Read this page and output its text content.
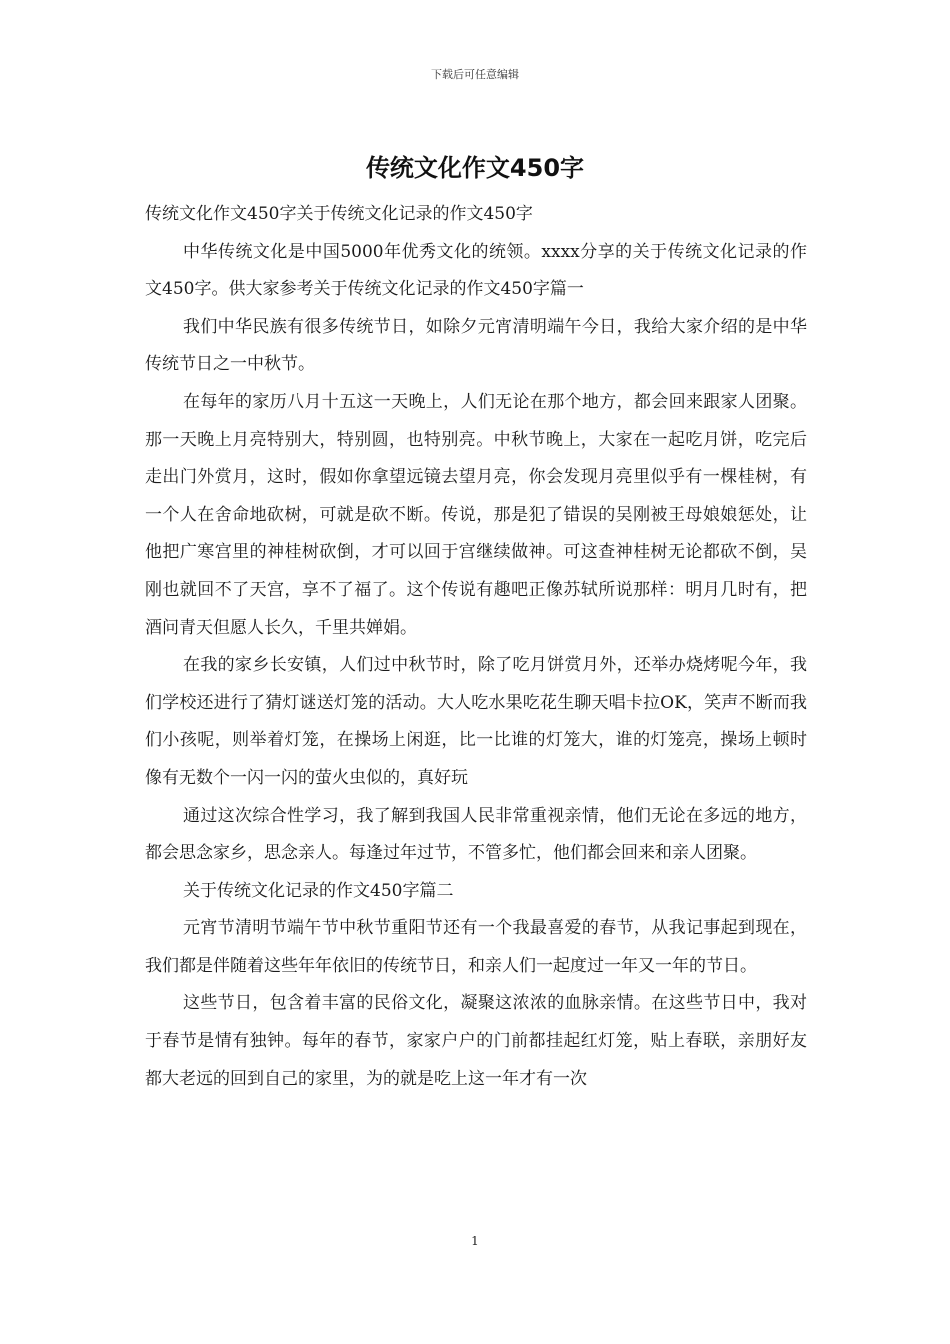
下载后可任意编辑
传统文化作文450字

传统文化作文450字关于传统文化记录的作文450字

中华传统文化是中国5000年优秀文化的统领。xxxx分享的关于传统文化记录的作文450字。供大家参考关于传统文化记录的作文450字篇一

我们中华民族有很多传统节日，如除夕元宵清明端午今日，我给大家介绍的是中华传统节日之一中秋节。

在每年的家历八月十五这一天晚上，人们无论在那个地方，都会回来跟家人团聚。那一天晚上月亮特别大，特别圆，也特别亮。中秋节晚上，大家在一起吃月饼，吃完后走出门外赏月，这时，假如你拿望远镜去望月亮，你会发现月亮里似乎有一棵桂树，有一个人在舍命地砍树，可就是砍不断。传说，那是犯了错误的吴刚被王母娘娘惩处，让他把广寒宫里的神桂树砍倒，才可以回于宫继续做神。可这查神桂树无论都砍不倒，吴刚也就回不了天宫，享不了福了。这个传说有趣吧正像苏轼所说那样：明月几时有，把酒问青天但愿人长久，千里共婵娟。

在我的家乡长安镇，人们过中秋节时，除了吃月饼赏月外，还举办烧烤呢今年，我们学校还进行了猜灯谜送灯笼的活动。大人吃水果吃花生聊天唱卡拉OK，笑声不断而我们小孩呢，则举着灯笼，在操场上闲逛，比一比谁的灯笼大，谁的灯笼亮，操场上顿时像有无数个一闪一闪的萤火虫似的，真好玩

通过这次综合性学习，我了解到我国人民非常重视亲情，他们无论在多远的地方，都会思念家乡，思念亲人。每逢过年过节，不管多忙，他们都会回来和亲人团聚。

关于传统文化记录的作文450字篇二

元宵节清明节端午节中秋节重阳节还有一个我最喜爱的春节，从我记事起到现在，我们都是伴随着这些年年依旧的传统节日，和亲人们一起度过一年又一年的节日。

这些节日，包含着丰富的民俗文化，凝聚这浓浓的血脉亲情。在这些节日中，我对于春节是情有独钟。每年的春节，家家户户的门前都挂起红灯笼，贴上春联，亲朋好友都大老远的回到自己的家里，为的就是吃上这一年才有一次

1
